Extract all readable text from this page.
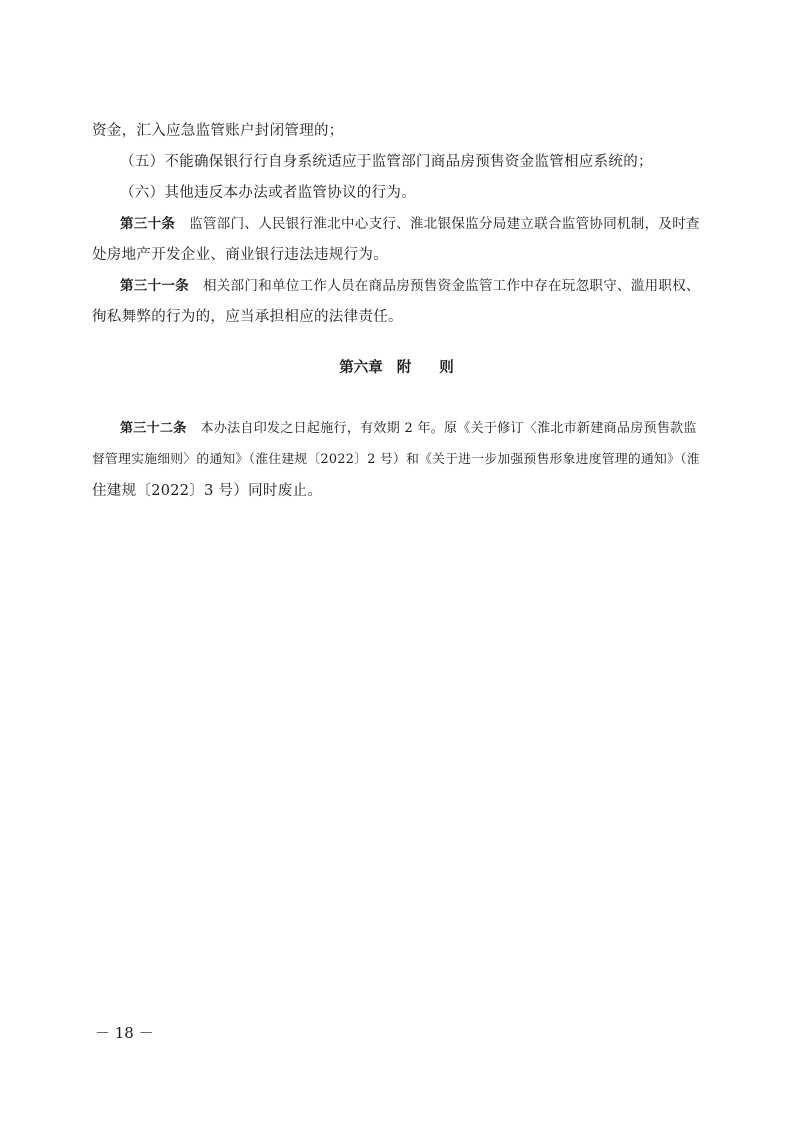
资金，汇入应急监管账户封闭管理的；
（五）不能确保银行行自身系统适应于监管部门商品房预售资金监管相应系统的；
（六）其他违反本办法或者监管协议的行为。
第三十条 监管部门、人民银行淮北中心支行、淮北银保监分局建立联合监管协同机制，及时查
处房地产开发企业、商业银行违法违规行为。
第三十一条 相关部门和单位工作人员在商品房预售资金监管工作中存在玩忽职守、滥用职权、
徇私舞弊的行为的，应当承担相应的法律责任。
第六章 附 则
第三十二条 本办法自印发之日起施行，有效期 2 年。原《关于修订〈淮北市新建商品房预售款监
督管理实施细则〉的通知》（淮住建规〔2022〕2 号）和《关于进一步加强预售形象进度管理的通知》（淮
住建规〔2022〕3 号）同时废止。
－ 18 －
